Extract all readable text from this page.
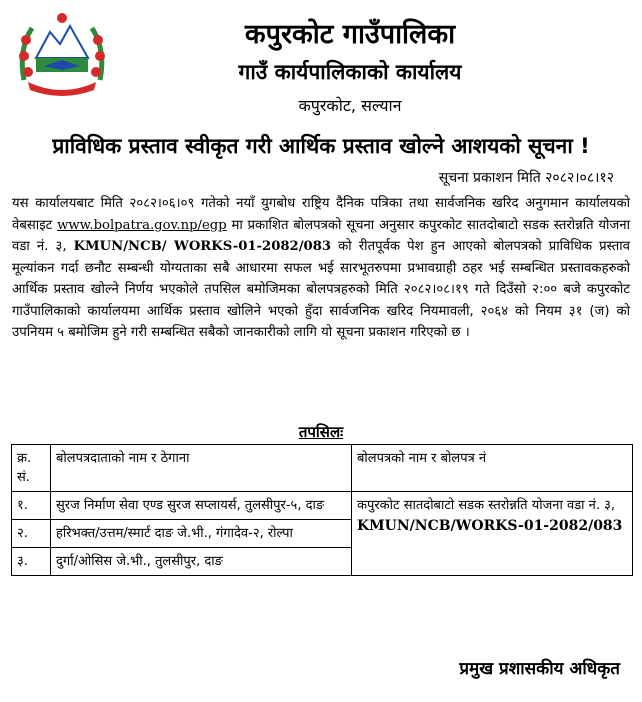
कपुरकोट गाउँपालिका
गाउँ कार्यपालिकाको कार्यालय
कपुरकोट, सल्यान
प्राविधिक प्रस्ताव स्वीकृत गरी आर्थिक प्रस्ताव खोल्ने आशयको सूचना !
सूचना प्रकाशन मिति २०८२।०८।१२
यस कार्यालयबाट मिति २०८२।०६।०९ गतेको नयाँ युगबोध राष्ट्रिय दैनिक पत्रिका तथा सार्वजनिक खरिद अनुगमान कार्यालयको वेबसाइट www.bolpatra.gov.np/egp मा प्रकाशित बोलपत्रको सूचना अनुसार कपुरकोट सातदोबाटो सडक स्तरोन्नति योजना वडा नं. ३, KMUN/NCB/ WORKS-01-2082/083 को रीतपूर्वक पेश हुन आएको बोलपत्रको प्राविधिक प्रस्ताव मूल्यांकन गर्दा छनौट सम्बन्धी योग्यताका सबै आधारमा सफल भई सारभूतरुपमा प्रभावग्राही ठहर भई सम्बन्धित प्रस्तावकहरुको आर्थिक प्रस्ताव खोल्ने निर्णय भएकोले तपसिल बमोजिमका बोलपत्रहरुको मिति २०८२।०८।१९ गते दिउँसो २:०० बजे कपुरकोट गाउँपालिकाको कार्यालयमा आर्थिक प्रस्ताव खोलिने भएको हुँदा सार्वजनिक खरिद नियमावली, २०६४ को नियम ३१ (ज) को उपनियम ५ बमोजिम हुने गरी सम्बन्धित सबैको जानकारीको लागि यो सूचना प्रकाशन गरिएको छ ।
तपसिलः
क्र. सं.	बोलपत्रदाताको नाम र ठेगाना	बोलपत्रको नाम र बोलपत्र नं
१.	सुरज निर्माण सेवा एण्ड सुरज सप्लायर्स, तुलसीपुर-५, दाङ	कपुरकोट सातदोबाटो सडक स्तरोन्नति योजना वडा नं. ३,
KMUN/NCB/WORKS-01-2082/083

२.	हरिभक्त/उत्तम/स्मार्ट दाङ जे.भी., गंगादेव-२, रोल्पा	
३.	दुर्गा/ओसिस जे.भी., तुलसीपुर, दाङ	
प्रमुख प्रशासकीय अधिकृत
